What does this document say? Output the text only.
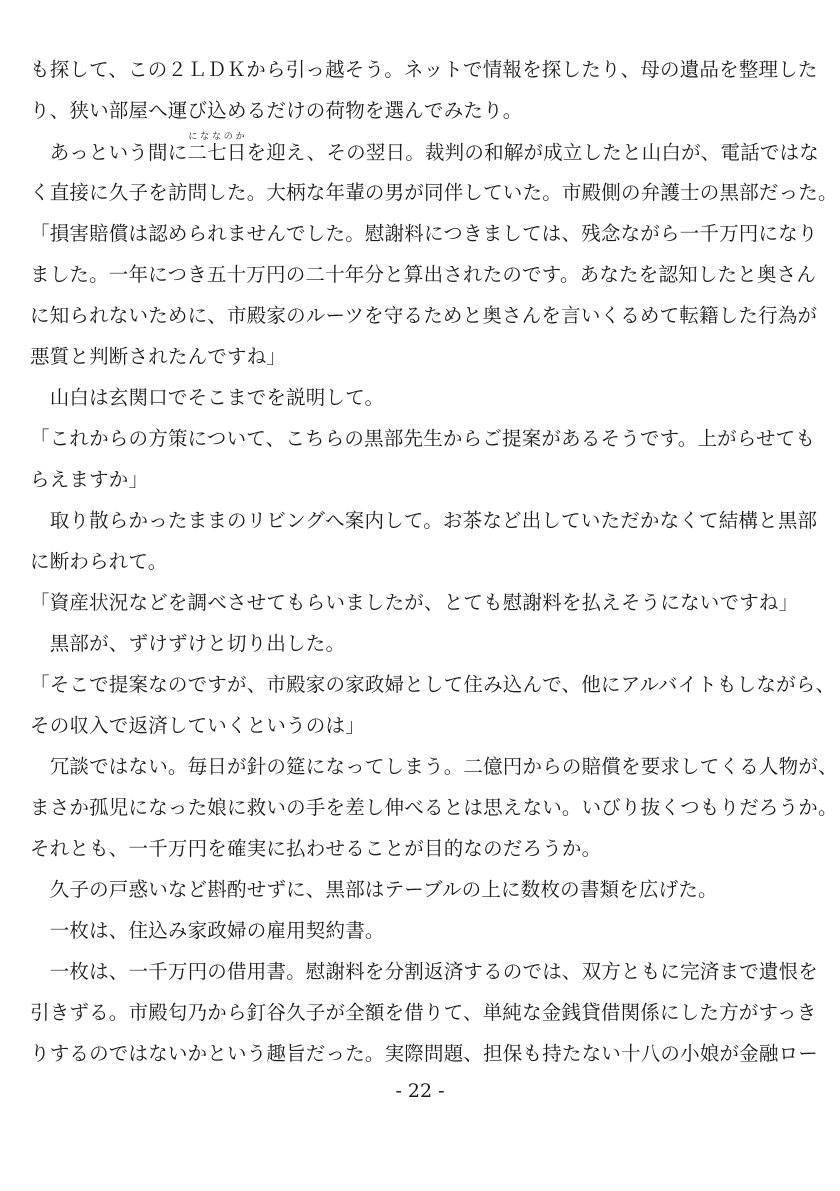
も探して、この２ＬＤＫから引っ越そう。ネットで情報を探したり、母の遺品を整理した
り、狭い部屋へ運び込めるだけの荷物を選んでみたり。
　あっという間に二七日にななのかを迎え、その翌日。裁判の和解が成立したと山白が、電話ではな
く直接に久子を訪問した。大柄な年輩の男が同伴していた。市殿側の弁護士の黒部だった。
「損害賠償は認められませんでした。慰謝料につきましては、残念ながら一千万円になり
ました。一年につき五十万円の二十年分と算出されたのです。あなたを認知したと奥さん
に知られないために、市殿家のルーツを守るためと奥さんを言いくるめて転籍した行為が
悪質と判断されたんですね」
　山白は玄関口でそこまでを説明して。
「これからの方策について、こちらの黒部先生からご提案があるそうです。上がらせても
らえますか」
　取り散らかったままのリビングへ案内して。お茶など出していただかなくて結構と黒部
に断わられて。
「資産状況などを調べさせてもらいましたが、とても慰謝料を払えそうにないですね」
　黒部が、ずけずけと切り出した。
「そこで提案なのですが、市殿家の家政婦として住み込んで、他にアルバイトもしながら、
その収入で返済していくというのは」
　冗談ではない。毎日が針の筵になってしまう。二億円からの賠償を要求してくる人物が、
まさか孤児になった娘に救いの手を差し伸べるとは思えない。いびり抜くつもりだろうか。
それとも、一千万円を確実に払わせることが目的なのだろうか。
　久子の戸惑いなど斟酌せずに、黒部はテーブルの上に数枚の書類を広げた。
　一枚は、住込み家政婦の雇用契約書。
　一枚は、一千万円の借用書。慰謝料を分割返済するのでは、双方ともに完済まで遺恨を
引きずる。市殿匂乃から釘谷久子が全額を借りて、単純な金銭貸借関係にした方がすっき
りするのではないかという趣旨だった。実際問題、担保も持たない十八の小娘が金融ロー
- 22 -
